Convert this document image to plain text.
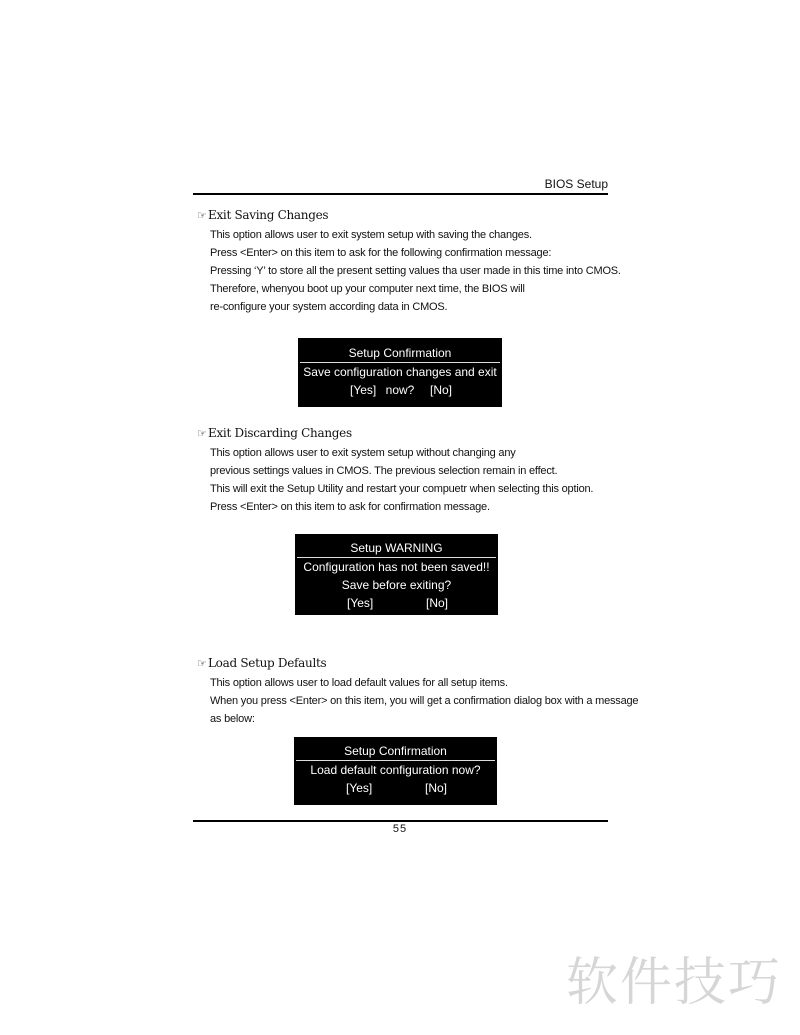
BIOS Setup
☞Exit Saving Changes
This option allows user to exit system setup with saving the changes.
Press <Enter> on this item to ask for the following confirmation message:
Pressing ‘Y’ to store all the present setting values tha user made in this time into CMOS.
Therefore, whenyou boot up your computer next time, the BIOS will
re-configure your system according data in CMOS.
Setup Confirmation
Save configuration changes and exit now?
[Yes]	[No]
☞Exit Discarding Changes
This option allows user to exit system setup without changing any
previous settings values in CMOS. The previous selection remain in effect.
This will exit the Setup Utility and restart your compuetr when selecting this option.
Press <Enter> on this item to ask for confirmation message.
Setup WARNING
Configuration has not been saved!!
Save before exiting?
[Yes]	[No]
☞Load Setup Defaults
This option allows user to load default values for all setup items.
When you press <Enter> on this item, you will get a confirmation dialog box with a message
as below:
Setup Confirmation
Load default configuration now?
[Yes]	[No]
55
软件技巧
